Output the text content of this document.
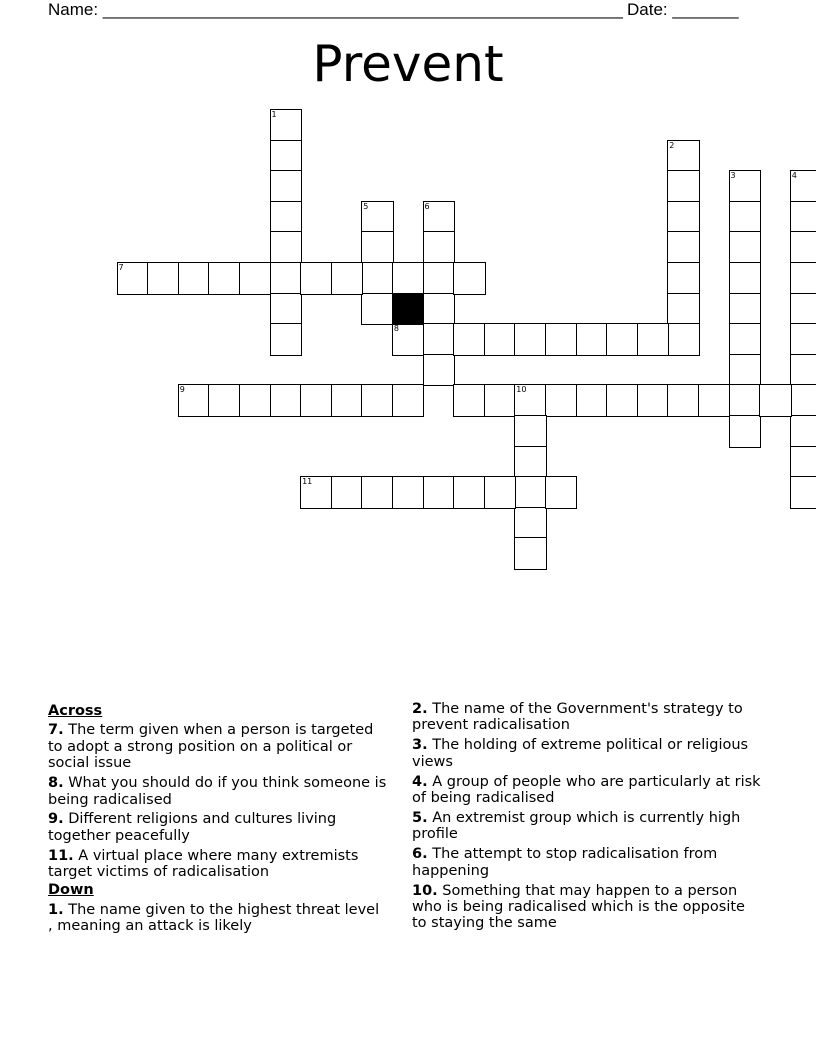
Name: _______________________________________________________ Date: _______
Prevent
1
2
3	4
5	6
7
8
9	10
11
Across
7. The term given when a person is targeted to adopt a strong position on a political or social issue
8. What you should do if you think someone is being radicalised
9. Different religions and cultures living together peacefully
11. A virtual place where many extremists target victims of radicalisation
Down
1. The name given to the highest threat level , meaning an attack is likely
2. The name of the Government's strategy to prevent radicalisation
3. The holding of extreme political or religious views
4. A group of people who are particularly at risk of being radicalised
5. An extremist group which is currently high profile
6. The attempt to stop radicalisation from happening
10. Something that may happen to a person who is being radicalised which is the opposite to staying the same
